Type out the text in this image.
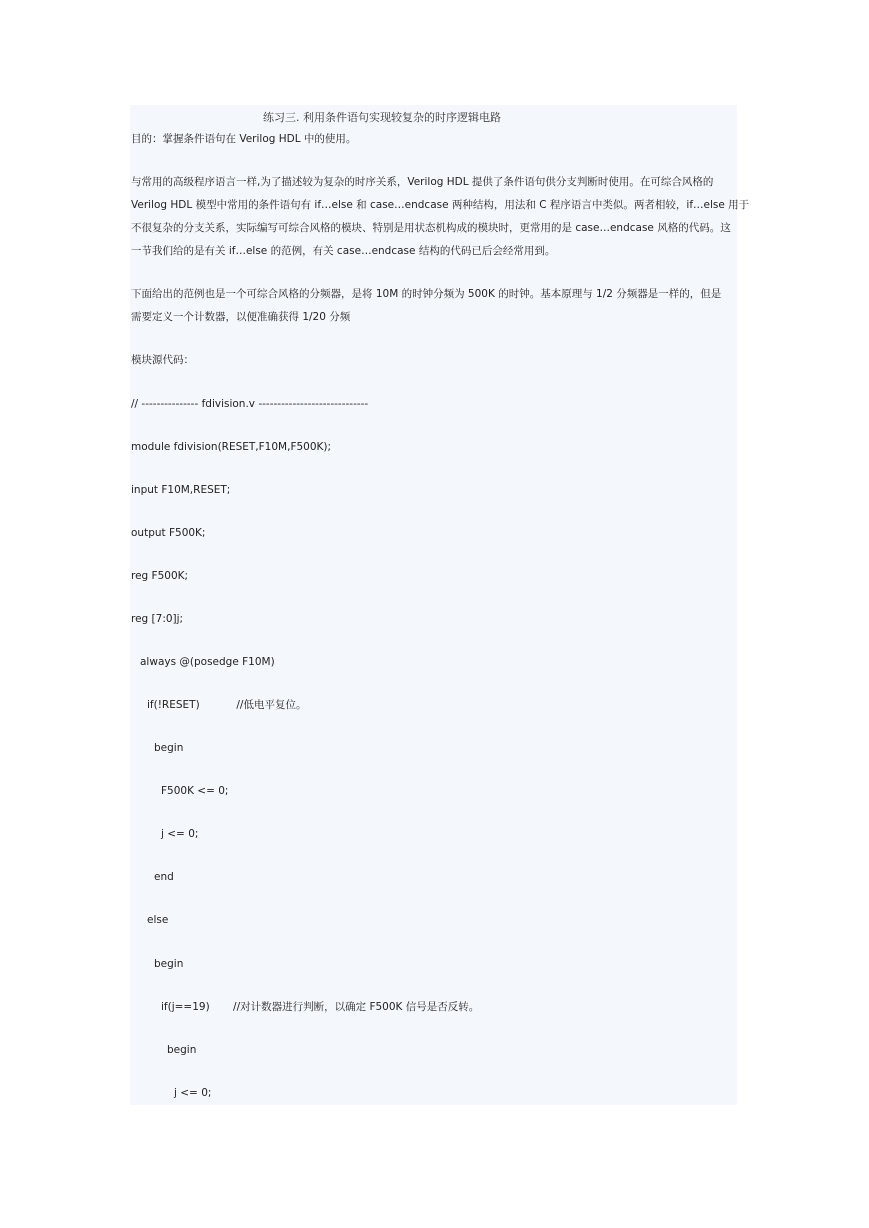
练习三. 利用条件语句实现较复杂的时序逻辑电路
目的：掌握条件语句在 Verilog HDL 中的使用。
与常用的高级程序语言一样,为了描述较为复杂的时序关系，Verilog HDL 提供了条件语句供分支判断时使用。在可综合风格的
Verilog HDL 模型中常用的条件语句有 if…else 和 case…endcase 两种结构，用法和 C 程序语言中类似。两者相较，if…else 用于
不很复杂的分支关系，实际编写可综合风格的模块、特别是用状态机构成的模块时，更常用的是 case…endcase 风格的代码。这
一节我们给的是有关 if…else 的范例，有关 case…endcase 结构的代码已后会经常用到。
下面给出的范例也是一个可综合风格的分频器，是将 10M 的时钟分频为 500K 的时钟。基本原理与 1/2 分频器是一样的，但是
需要定义一个计数器，以便准确获得 1/20 分频
模块源代码：
// --------------- fdivision.v -----------------------------
module fdivision(RESET,F10M,F500K);
input F10M,RESET;
output F500K;
reg F500K;
reg [7:0]j;
always @(posedge F10M)
if(!RESET)           //低电平复位。
begin
F500K <= 0;
j <= 0;
end
else
begin
if(j==19)       //对计数器进行判断，以确定 F500K 信号是否反转。
begin
j <= 0;
